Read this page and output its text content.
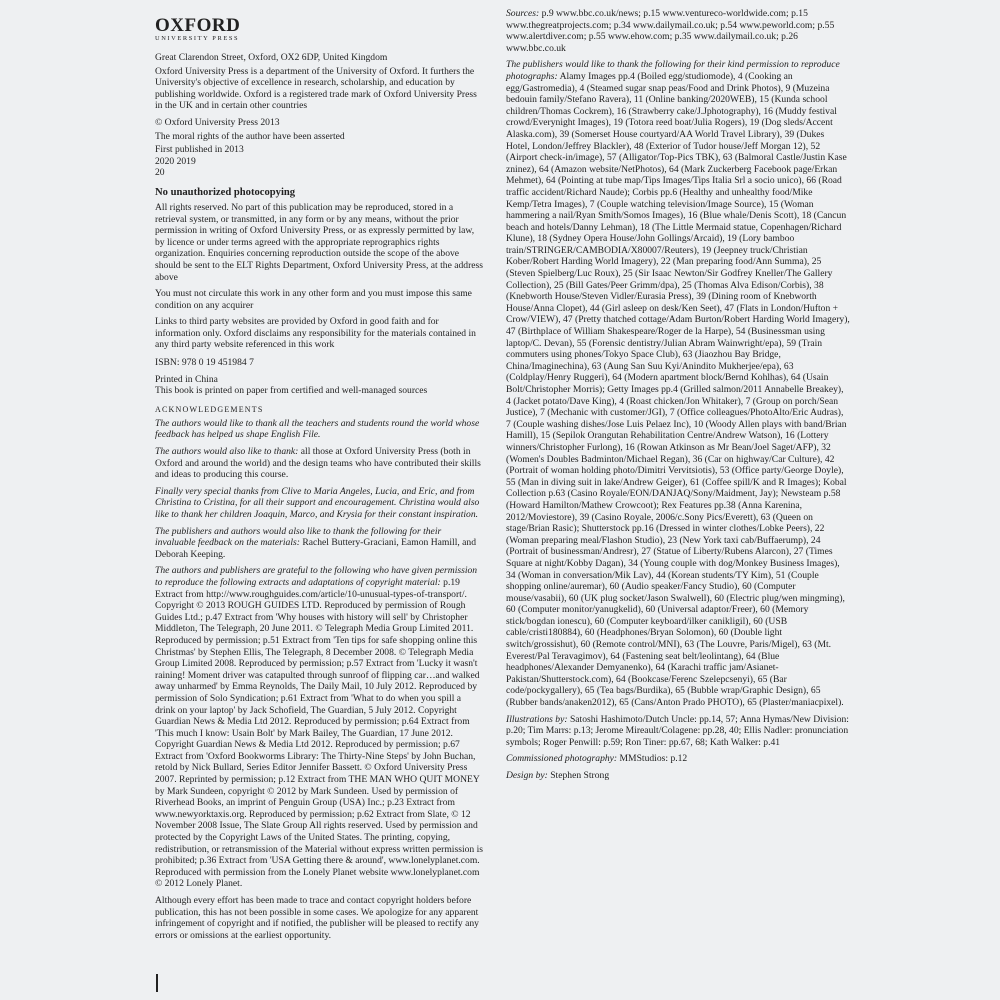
​
OXFORD
UNIVERSITY PRESS

Great Clarendon Street, Oxford, OX2 6DP, United Kingdom

Oxford University Press is a department of the University of Oxford. It furthers the University's objective of excellence in research, scholarship, and education by publishing worldwide. Oxford is a registered trade mark of Oxford University Press in the UK and in certain other countries

© Oxford University Press 2013

The moral rights of the author have been asserted

First published in 2013

2020 2019

20

No unauthorized photocopying

All rights reserved. No part of this publication may be reproduced, stored in a retrieval system, or transmitted, in any form or by any means, without the prior permission in writing of Oxford University Press, or as expressly permitted by law, by licence or under terms agreed with the appropriate reprographics rights organization. Enquiries concerning reproduction outside the scope of the above should be sent to the ELT Rights Department, Oxford University Press, at the address above

You must not circulate this work in any other form and you must impose this same condition on any acquirer

Links to third party websites are provided by Oxford in good faith and for information only. Oxford disclaims any responsibility for the materials contained in any third party website referenced in this work

ISBN: 978 0 19 451984 7

Printed in China

This book is printed on paper from certified and well-managed sources

ACKNOWLEDGEMENTS

The authors would like to thank all the teachers and students round the world whose feedback has helped us shape English File.

The authors would also like to thank: all those at Oxford University Press (both in Oxford and around the world) and the design teams who have contributed their skills and ideas to producing this course.

Finally very special thanks from Clive to Maria Angeles, Lucia, and Eric, and from Christina to Cristina, for all their support and encouragement. Christina would also like to thank her children Joaquin, Marco, and Krysia for their constant inspiration.

The publishers and authors would also like to thank the following for their invaluable feedback on the materials: Rachel Buttery-Graciani, Eamon Hamill, and Deborah Keeping.

The authors and publishers are grateful to the following who have given permission to reproduce the following extracts and adaptations of copyright material: p.19 Extract from http://www.roughguides.com/article/10-unusual-types-of-transport/. Copyright © 2013 ROUGH GUIDES LTD. Reproduced by permission of Rough Guides Ltd.; p.47 Extract from 'Why houses with history will sell' by Christopher Middleton, The Telegraph, 20 June 2011. © Telegraph Media Group Limited 2011. Reproduced by permission; p.51 Extract from 'Ten tips for safe shopping online this Christmas' by Stephen Ellis, The Telegraph, 8 December 2008. © Telegraph Media Group Limited 2008. Reproduced by permission; p.57 Extract from 'Lucky it wasn't raining! Moment driver was catapulted through sunroof of flipping car…and walked away unharmed' by Emma Reynolds, The Daily Mail, 10 July 2012. Reproduced by permission of Solo Syndication; p.61 Extract from 'What to do when you spill a drink on your laptop' by Jack Schofield, The Guardian, 5 July 2012. Copyright Guardian News & Media Ltd 2012. Reproduced by permission; p.64 Extract from 'This much I know: Usain Bolt' by Mark Bailey, The Guardian, 17 June 2012. Copyright Guardian News & Media Ltd 2012. Reproduced by permission; p.67 Extract from 'Oxford Bookworms Library: The Thirty-Nine Steps' by John Buchan, retold by Nick Bullard, Series Editor Jennifer Bassett. © Oxford University Press 2007. Reprinted by permission; p.12 Extract from THE MAN WHO QUIT MONEY by Mark Sundeen, copyright © 2012 by Mark Sundeen. Used by permission of Riverhead Books, an imprint of Penguin Group (USA) Inc.; p.23 Extract from www.newyorktaxis.org. Reproduced by permission; p.62 Extract from Slate, © 12 November 2008 Issue, The Slate Group All rights reserved. Used by permission and protected by the Copyright Laws of the United States. The printing, copying, redistribution, or retransmission of the Material without express written permission is prohibited; p.36 Extract from 'USA Getting there & around', www.lonelyplanet.com. Reproduced with permission from the Lonely Planet website www.lonelyplanet.com © 2012 Lonely Planet.

Although every effort has been made to trace and contact copyright holders before publication, this has not been possible in some cases. We apologize for any apparent infringement of copyright and if notified, the publisher will be pleased to rectify any errors or omissions at the earliest opportunity.

Sources: p.9 www.bbc.co.uk/news; p.15 www.ventureco-worldwide.com; p.15 www.thegreatprojects.com; p.34 www.dailymail.co.uk; p.54 www.peworld.com; p.55 www.alertdiver.com; p.55 www.ehow.com; p.35 www.dailymail.co.uk; p.26 www.bbc.co.uk

The publishers would like to thank the following for their kind permission to reproduce photographs: Alamy Images pp.4 (Boiled egg/studiomode), 4 (Cooking an egg/Gastromedia), 4 (Steamed sugar snap peas/Food and Drink Photos), 9 (Muzeina bedouin family/Stefano Ravera), 11 (Online banking/2020WEB), 15 (Kunda school children/Thomas Cockrem), 16 (Strawberry cake/J.Jphotography), 16 (Muddy festival crowd/Everynight Images), 19 (Totora reed boat/Julia Rogers), 19 (Dog sleds/Accent Alaska.com), 39 (Somerset House courtyard/AA World Travel Library), 39 (Dukes Hotel, London/Jeffrey Blackler), 48 (Exterior of Tudor house/Jeff Morgan 12), 52 (Airport check-in/image), 57 (Alligator/Top-Pics TBK), 63 (Balmoral Castle/Justin Kase zninez), 64 (Amazon website/NetPhotos), 64 (Mark Zuckerberg Facebook page/Erkan Mehmet), 64 (Pointing at tube map/Tips Images/Tips Italia Srl a socio unico), 66 (Road traffic accident/Richard Naude); Corbis pp.6 (Healthy and unhealthy food/Mike Kemp/Tetra Images), 7 (Couple watching television/Image Source), 15 (Woman hammering a nail/Ryan Smith/Somos Images), 16 (Blue whale/Denis Scott), 18 (Cancun beach and hotels/Danny Lehman), 18 (The Little Mermaid statue, Copenhagen/Richard Klune), 18 (Sydney Opera House/John Gollings/Arcaid), 19 (Lory bamboo train/STRINGER/CAMBODIA/X80007/Reuters), 19 (Jeepney truck/Christian Kober/Robert Harding World Imagery), 22 (Man preparing food/Ann Summa), 25 (Steven Spielberg/Luc Roux), 25 (Sir Isaac Newton/Sir Godfrey Kneller/The Gallery Collection), 25 (Bill Gates/Peer Grimm/dpa), 25 (Thomas Alva Edison/Corbis), 38 (Knebworth House/Steven Vidler/Eurasia Press), 39 (Dining room of Knebworth House/Anna Clopet), 44 (Girl asleep on desk/Ken Seet), 47 (Flats in London/Hufton + Crow/VIEW), 47 (Pretty thatched cottage/Adam Burton/Robert Harding World Imagery), 47 (Birthplace of William Shakespeare/Roger de la Harpe), 54 (Businessman using laptop/C. Devan), 55 (Forensic dentistry/Julian Abram Wainwright/epa), 59 (Train commuters using phones/Tokyo Space Club), 63 (Jiaozhou Bay Bridge, China/Imaginechina), 63 (Aung San Suu Kyi/Anindito Mukherjee/epa), 63 (Coldplay/Henry Ruggeri), 64 (Modern apartment block/Bernd Kohlhas), 64 (Usain Bolt/Christopher Morris); Getty Images pp.4 (Grilled salmon/2011 Annabelle Breakey), 4 (Jacket potato/Dave King), 4 (Roast chicken/Jon Whitaker), 7 (Group on porch/Sean Justice), 7 (Mechanic with customer/JGI), 7 (Office colleagues/PhotoAlto/Eric Audras), 7 (Couple washing dishes/Jose Luis Pelaez Inc), 10 (Woody Allen plays with band/Brian Hamill), 15 (Sepilok Orangutan Rehabilitation Centre/Andrew Watson), 16 (Lottery winners/Christopher Furlong), 16 (Rowan Atkinson as Mr Bean/Joel Saget/AFP), 32 (Women's Doubles Badminton/Michael Regan), 36 (Car on highway/Car Culture), 42 (Portrait of woman holding photo/Dimitri Vervitsiotis), 53 (Office party/George Doyle), 55 (Man in diving suit in lake/Andrew Geiger), 61 (Coffee spill/K and R Images); Kobal Collection p.63 (Casino Royale/EON/DANJAQ/Sony/Maidment, Jay); Newsteam p.58 (Howard Hamilton/Mathew Crowcoot); Rex Features pp.38 (Anna Karenina, 2012/Moviestore), 39 (Casino Royale, 2006/c.Sony Pics/Everett), 63 (Queen on stage/Brian Rasic); Shutterstock pp.16 (Dressed in winter clothes/Lobke Peers), 22 (Woman preparing meal/Flashon Studio), 23 (New York taxi cab/Buffaerump), 24 (Portrait of businessman/Andresr), 27 (Statue of Liberty/Rubens Alarcon), 27 (Times Square at night/Kobby Dagan), 34 (Young couple with dog/Monkey Business Images), 34 (Woman in conversation/Mik Lav), 44 (Korean students/TY Kim), 51 (Couple shopping online/auremar), 60 (Audio speaker/Fancy Studio), 60 (Computer mouse/vasabii), 60 (UK plug socket/Jason Swalwell), 60 (Electric plug/wen mingming), 60 (Computer monitor/yanugkelid), 60 (Universal adaptor/Freer), 60 (Memory stick/bogdan ionescu), 60 (Computer keyboard/ilker canikligil), 60 (USB cable/cristi180884), 60 (Headphones/Bryan Solomon), 60 (Double light switch/grossishut), 60 (Remote control/MNI), 63 (The Louvre, Paris/Migel), 63 (Mt. Everest/Pal Teravagimov), 64 (Fastening seat belt/leolintang), 64 (Blue headphones/Alexander Demyanenko), 64 (Karachi traffic jam/Asianet-Pakistan/Shutterstock.com), 64 (Bookcase/Ferenc Szelepcsenyi), 65 (Bar code/pockygallery), 65 (Tea bags/Burdika), 65 (Bubble wrap/Graphic Design), 65 (Rubber bands/anaken2012), 65 (Cans/Anton Prado PHOTO), 65 (Plaster/maniacpixel).

Illustrations by: Satoshi Hashimoto/Dutch Uncle: pp.14, 57; Anna Hymas/New Division: p.20; Tim Marrs: p.13; Jerome Mireault/Colagene: pp.28, 40; Ellis Nadler: pronunciation symbols; Roger Penwill: p.59; Ron Tiner: pp.67, 68; Kath Walker: p.41

Commissioned photography: MMStudios: p.12

Design by: Stephen Strong
